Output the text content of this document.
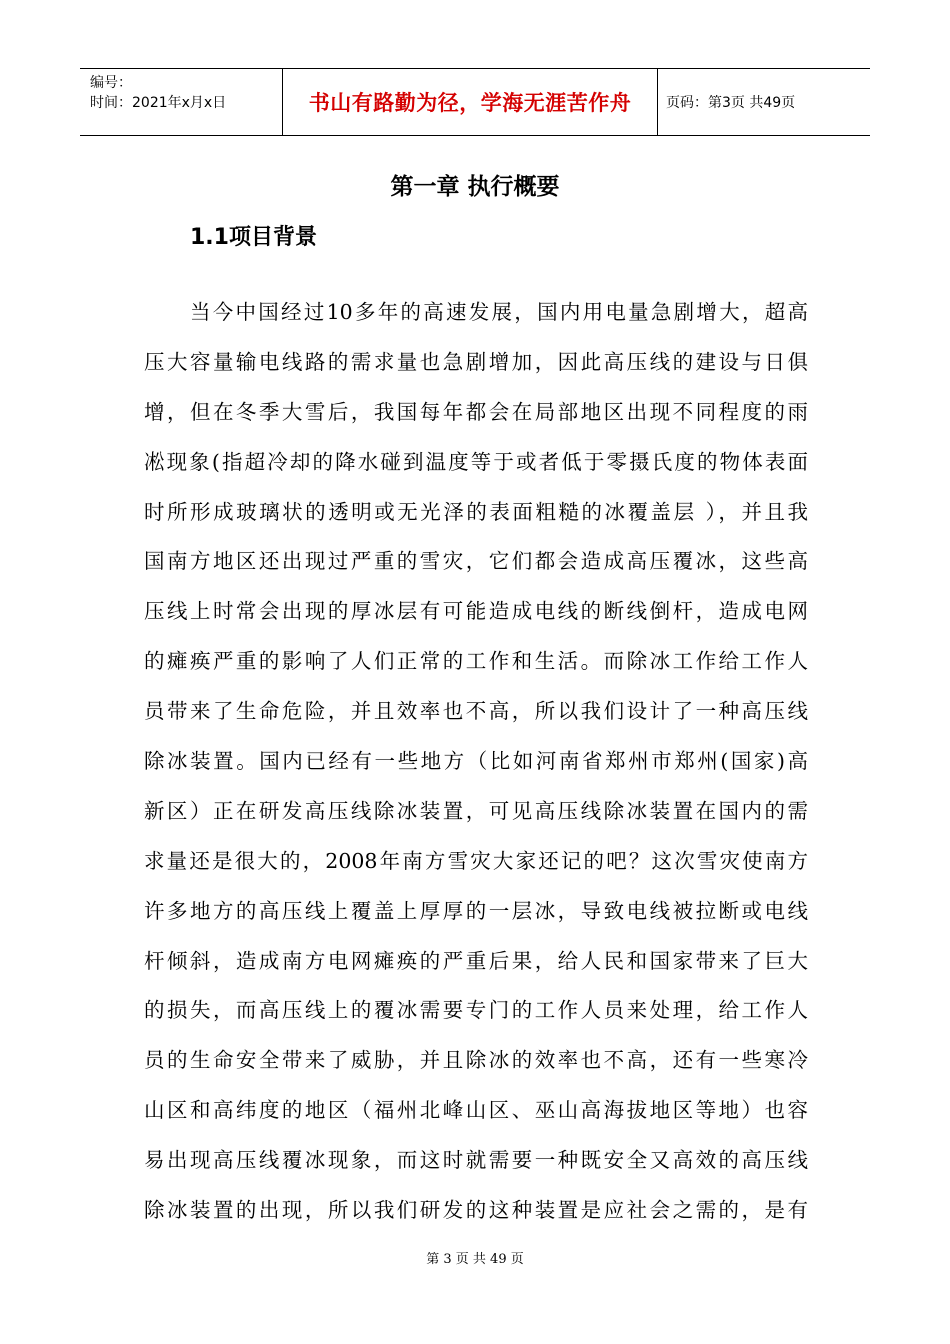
编号：
时间：2021年x月x日	书山有路勤为径，学海无涯苦作舟	页码：第3页 共49页
第一章 执行概要
1.1项目背景
当今中国经过10多年的高速发展，国内用电量急剧增大，超高
压大容量输电线路的需求量也急剧增加，因此高压线的建设与日俱
增，但在冬季大雪后，我国每年都会在局部地区出现不同程度的雨
凇现象(指超冷却的降水碰到温度等于或者低于零摄氏度的物体表面
时所形成玻璃状的透明或无光泽的表面粗糙的冰覆盖层 ），并且我
国南方地区还出现过严重的雪灾，它们都会造成高压覆冰，这些高
压线上时常会出现的厚冰层有可能造成电线的断线倒杆，造成电网
的瘫痪严重的影响了人们正常的工作和生活。而除冰工作给工作人
员带来了生命危险，并且效率也不高，所以我们设计了一种高压线
除冰装置。国内已经有一些地方（比如河南省郑州市郑州(国家)高
新区）正在研发高压线除冰装置，可见高压线除冰装置在国内的需
求量还是很大的，2008年南方雪灾大家还记的吧？这次雪灾使南方
许多地方的高压线上覆盖上厚厚的一层冰，导致电线被拉断或电线
杆倾斜，造成南方电网瘫痪的严重后果，给人民和国家带来了巨大
的损失，而高压线上的覆冰需要专门的工作人员来处理，给工作人
员的生命安全带来了威胁，并且除冰的效率也不高，还有一些寒冷
山区和高纬度的地区（福州北峰山区、巫山高海拔地区等地）也容
易出现高压线覆冰现象，而这时就需要一种既安全又高效的高压线
除冰装置的出现，所以我们研发的这种装置是应社会之需的，是有
第 3 页 共 49 页
